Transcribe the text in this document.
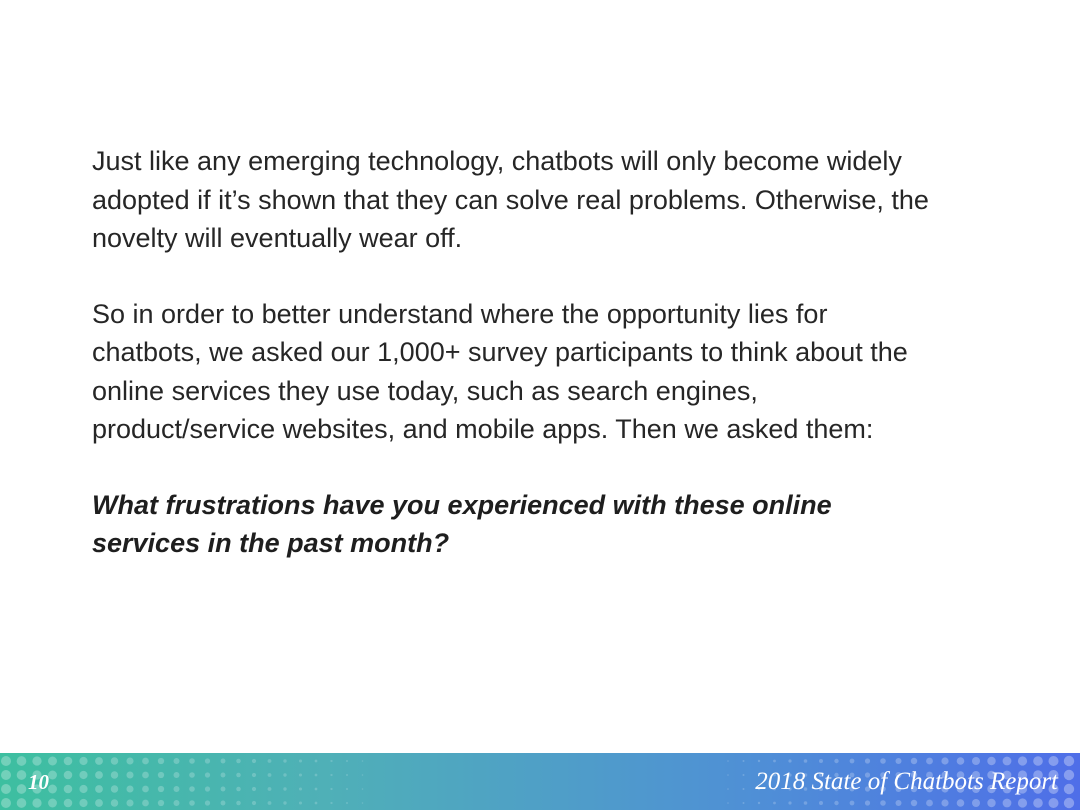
Just like any emerging technology, chatbots will only become widely adopted if it’s shown that they can solve real problems. Otherwise, the novelty will eventually wear off.

So in order to better understand where the opportunity lies for chatbots, we asked our 1,000+ survey participants to think about the online services they use today, such as search engines, product/service websites, and mobile apps. Then we asked them:

What frustrations have you experienced with these online services in the past month?

10	2018 State of Chatbots Report
